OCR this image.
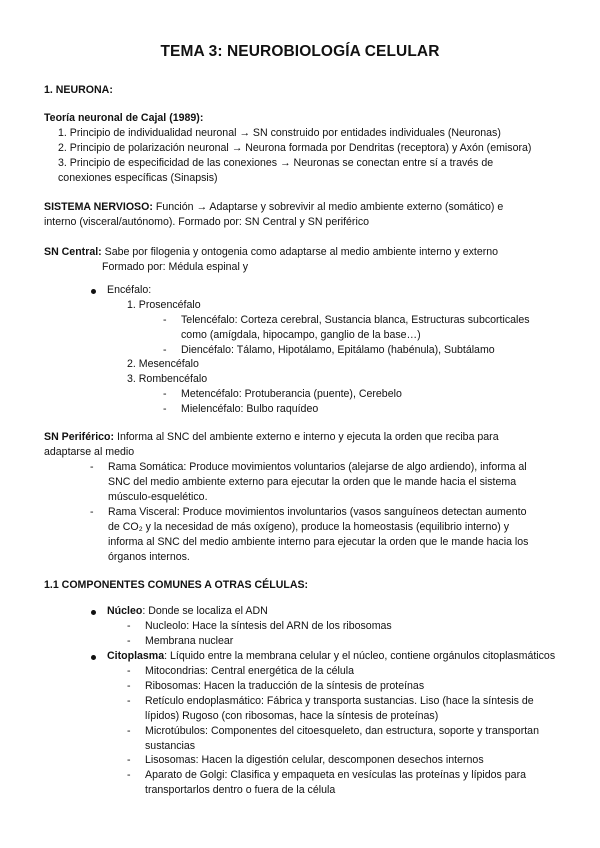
TEMA 3: NEUROBIOLOGÍA CELULAR
1. NEURONA:
Teoría neuronal de Cajal (1989):
1. Principio de individualidad neuronal → SN construido por entidades individuales (Neuronas)
2. Principio de polarización neuronal → Neurona formada por Dendritas (receptora) y Axón (emisora)
3. Principio de especificidad de las conexiones → Neuronas se conectan entre sí a través de
conexiones específicas (Sinapsis)
SISTEMA NERVIOSO: Función → Adaptarse y sobrevivir al medio ambiente externo (somático) e
interno (visceral/autónomo). Formado por: SN Central y SN periférico
SN Central: Sabe por filogenia y ontogenia como adaptarse al medio ambiente interno y externo
Formado por: Médula espinal y
Encéfalo:
1. Prosencéfalo
- Telencéfalo: Corteza cerebral, Sustancia blanca, Estructuras subcorticales
como (amígdala, hipocampo, ganglio de la base…)
- Diencéfalo: Tálamo, Hipotálamo, Epitálamo (habénula), Subtálamo
2. Mesencéfalo
3. Rombencéfalo
- Metencéfalo: Protuberancia (puente), Cerebelo
- Mielencéfalo: Bulbo raquídeo
SN Periférico: Informa al SNC del ambiente externo e interno y ejecuta la orden que reciba para
adaptarse al medio
- Rama Somática: Produce movimientos voluntarios (alejarse de algo ardiendo), informa al
SNC del medio ambiente externo para ejecutar la orden que le mande hacia el sistema
músculo-esquelético.
- Rama Visceral: Produce movimientos involuntarios (vasos sanguíneos detectan aumento
de CO₂ y la necesidad de más oxígeno), produce la homeostasis (equilibrio interno) y
informa al SNC del medio ambiente interno para ejecutar la orden que le mande hacia los
órganos internos.
1.1 COMPONENTES COMUNES A OTRAS CÉLULAS:
Núcleo: Donde se localiza el ADN
- Nucleolo: Hace la síntesis del ARN de los ribosomas
- Membrana nuclear
Citoplasma: Líquido entre la membrana celular y el núcleo, contiene orgánulos citoplasmáticos
- Mitocondrias: Central energética de la célula
- Ribosomas: Hacen la traducción de la síntesis de proteínas
- Retículo endoplasmático: Fábrica y transporta sustancias. Liso (hace la síntesis de
lípidos) Rugoso (con ribosomas, hace la síntesis de proteínas)
- Microtúbulos: Componentes del citoesqueleto, dan estructura, soporte y transportan
sustancias
- Lisosomas: Hacen la digestión celular, descomponen desechos internos
- Aparato de Golgi: Clasifica y empaqueta en vesículas las proteínas y lípidos para
transportarlos dentro o fuera de la célula
